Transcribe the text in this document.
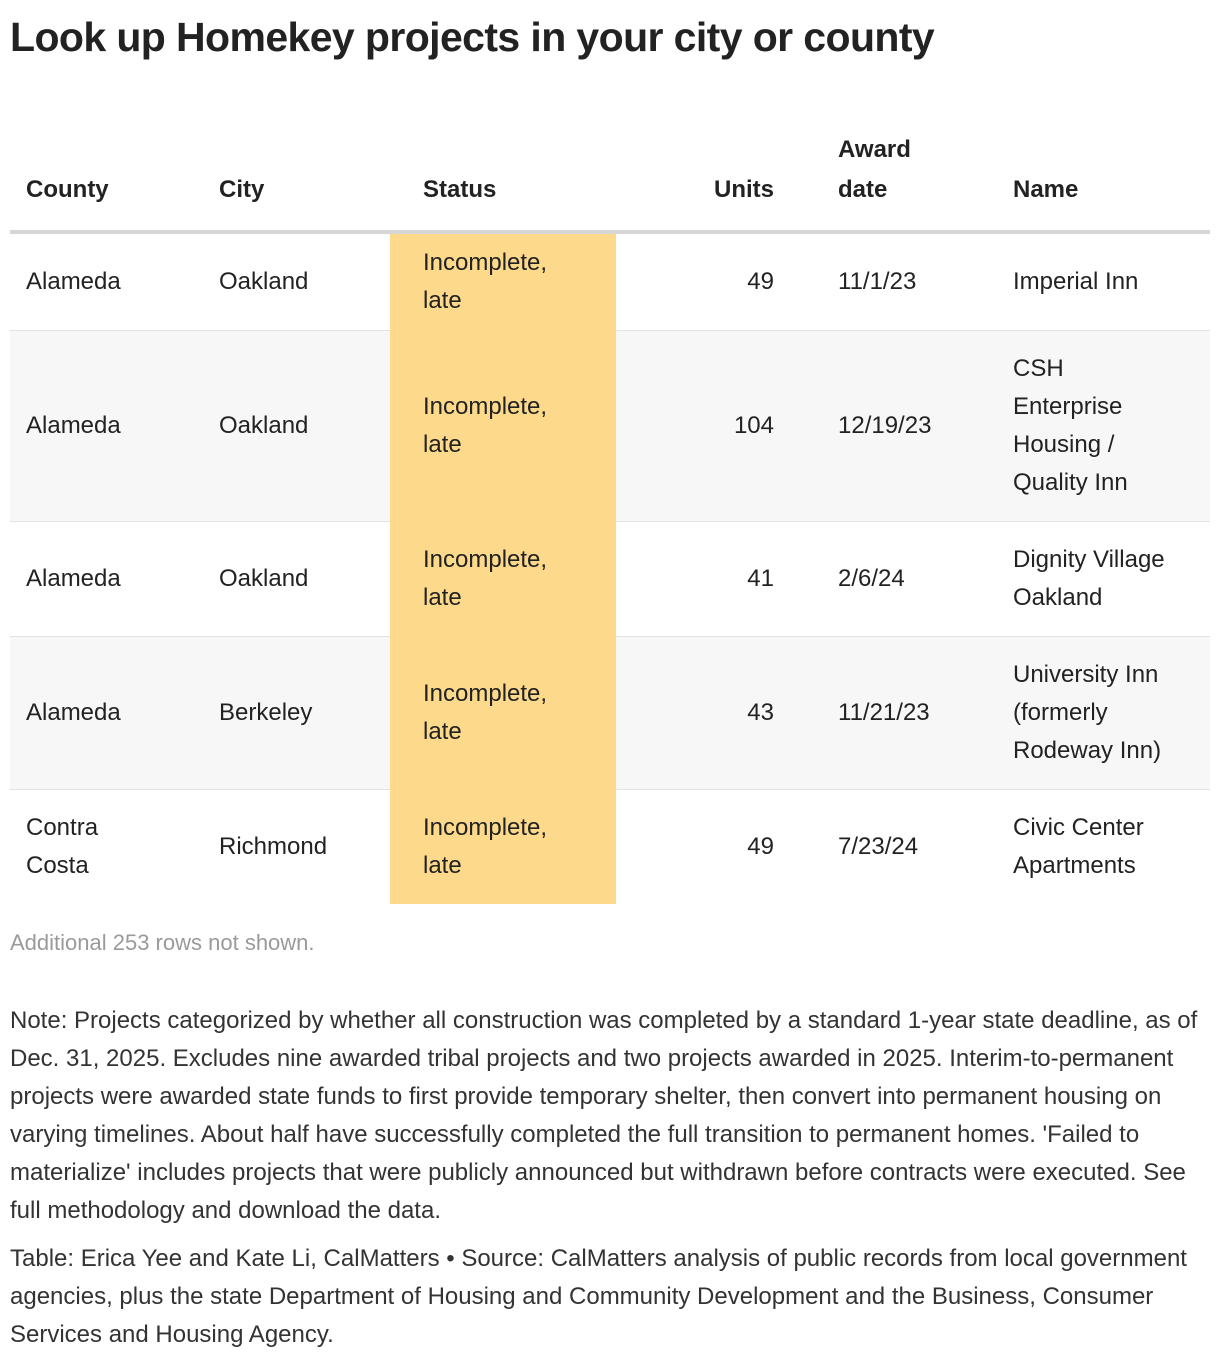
Look up Homekey projects in your city or county
County	City	Status	Units	Award date	Name
Alameda	Oakland	Incomplete, late	49	11/1/23	Imperial Inn
Alameda	Oakland	Incomplete, late	104	12/19/23	CSH Enterprise Housing / Quality Inn
Alameda	Oakland	Incomplete, late	41	2/6/24	Dignity Village Oakland
Alameda	Berkeley	Incomplete, late	43	11/21/23	University Inn (formerly Rodeway Inn)
Contra Costa	Richmond	Incomplete, late	49	7/23/24	Civic Center Apartments
Additional 253 rows not shown.

Note: Projects categorized by whether all construction was completed by a standard 1-year state deadline, as of Dec. 31, 2025. Excludes nine awarded tribal projects and two projects awarded in 2025. Interim-to-permanent projects were awarded state funds to first provide temporary shelter, then convert into permanent housing on varying timelines. About half have successfully completed the full transition to permanent homes. 'Failed to materialize' includes projects that were publicly announced but withdrawn before contracts were executed. See full methodology and download the data.

Table: Erica Yee and Kate Li, CalMatters • Source: CalMatters analysis of public records from local government agencies, plus the state Department of Housing and Community Development and the Business, Consumer Services and Housing Agency.
